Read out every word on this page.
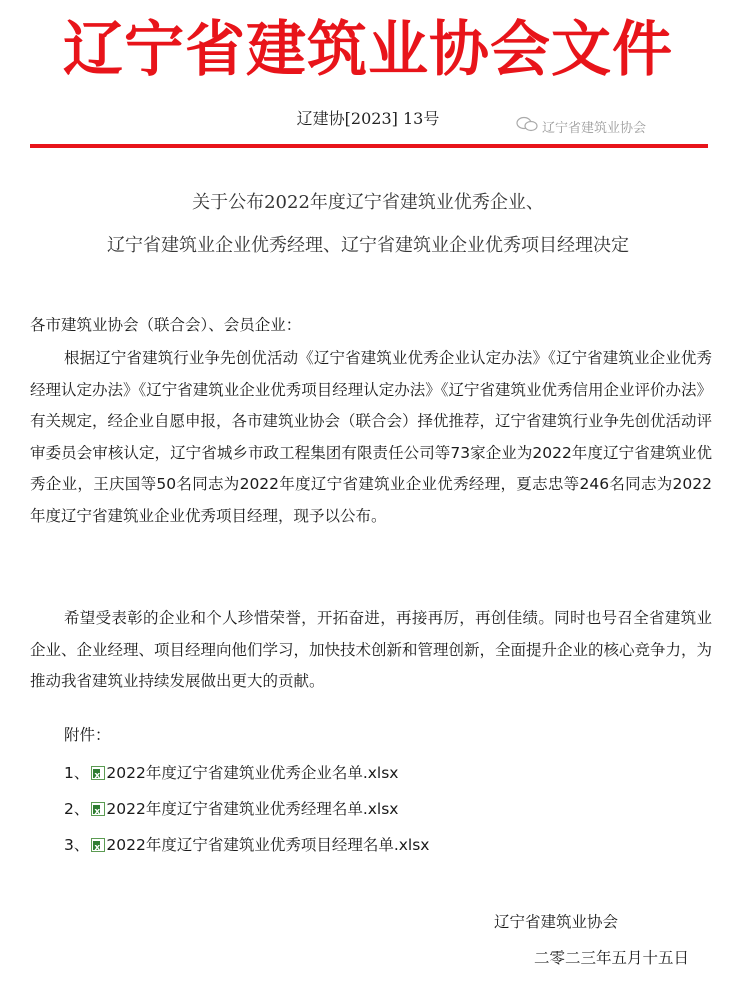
辽宁省建筑业协会文件
辽建协[2023] 13号	辽宁省建筑业协会
关于公布2022年度辽宁省建筑业优秀企业、
辽宁省建筑业企业优秀经理、辽宁省建筑业企业优秀项目经理决定
各市建筑业协会（联合会）、会员企业：
根据辽宁省建筑行业争先创优活动《辽宁省建筑业优秀企业认定办法》《辽宁省建筑业企业优秀经理认定办法》《辽宁省建筑业企业优秀项目经理认定办法》《辽宁省建筑业优秀信用企业评价办法》有关规定，经企业自愿申报，各市建筑业协会（联合会）择优推荐，辽宁省建筑行业争先创优活动评审委员会审核认定，辽宁省城乡市政工程集团有限责任公司等73家企业为2022年度辽宁省建筑业优秀企业，王庆国等50名同志为2022年度辽宁省建筑业企业优秀经理，夏志忠等246名同志为2022年度辽宁省建筑业企业优秀项目经理，现予以公布。
希望受表彰的企业和个人珍惜荣誉，开拓奋进，再接再厉，再创佳绩。同时也号召全省建筑业企业、企业经理、项目经理向他们学习，加快技术创新和管理创新，全面提升企业的核心竞争力，为推动我省建筑业持续发展做出更大的贡献。
附件：
1、 x 2022年度辽宁省建筑业优秀企业名单.xlsx
2、 x 2022年度辽宁省建筑业优秀经理名单.xlsx
3、 x 2022年度辽宁省建筑业优秀项目经理名单.xlsx
辽宁省建筑业协会
二零二三年五月十五日
